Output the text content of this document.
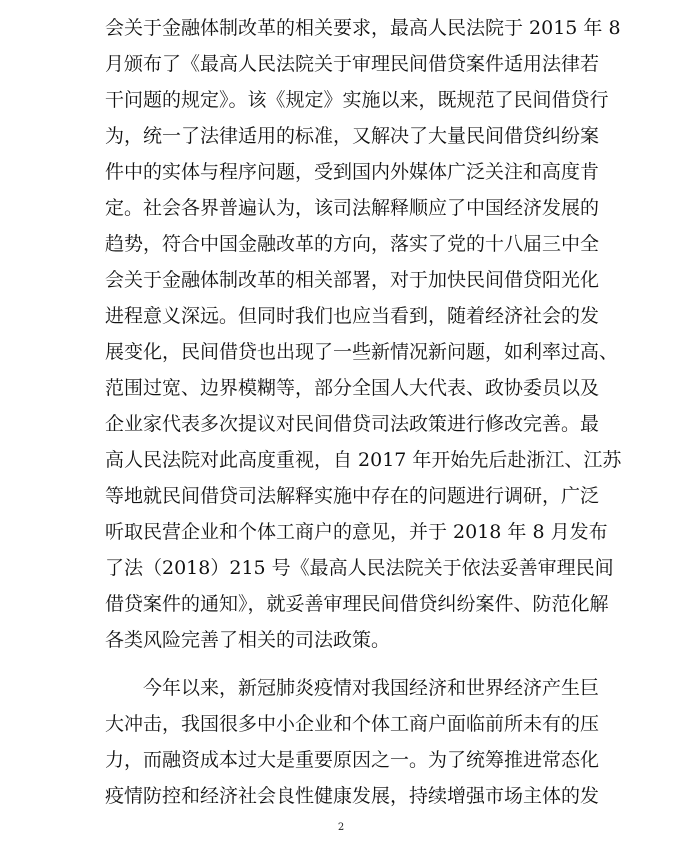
会关于金融体制改革的相关要求，最高人民法院于 2015 年 8
月颁布了《最高人民法院关于审理民间借贷案件适用法律若
干问题的规定》。该《规定》实施以来，既规范了民间借贷行
为，统一了法律适用的标准，又解决了大量民间借贷纠纷案
件中的实体与程序问题，受到国内外媒体广泛关注和高度肯
定。社会各界普遍认为，该司法解释顺应了中国经济发展的
趋势，符合中国金融改革的方向，落实了党的十八届三中全
会关于金融体制改革的相关部署，对于加快民间借贷阳光化
进程意义深远。但同时我们也应当看到，随着经济社会的发
展变化，民间借贷也出现了一些新情况新问题，如利率过高、
范围过宽、边界模糊等，部分全国人大代表、政协委员以及
企业家代表多次提议对民间借贷司法政策进行修改完善。最
高人民法院对此高度重视，自 2017 年开始先后赴浙江、江苏
等地就民间借贷司法解释实施中存在的问题进行调研，广泛
听取民营企业和个体工商户的意见，并于 2018 年 8 月发布
了法（2018）215 号《最高人民法院关于依法妥善审理民间
借贷案件的通知》，就妥善审理民间借贷纠纷案件、防范化解
各类风险完善了相关的司法政策。
今年以来，新冠肺炎疫情对我国经济和世界经济产生巨
大冲击，我国很多中小企业和个体工商户面临前所未有的压
力，而融资成本过大是重要原因之一。为了统筹推进常态化
疫情防控和经济社会良性健康发展，持续增强市场主体的发
2
